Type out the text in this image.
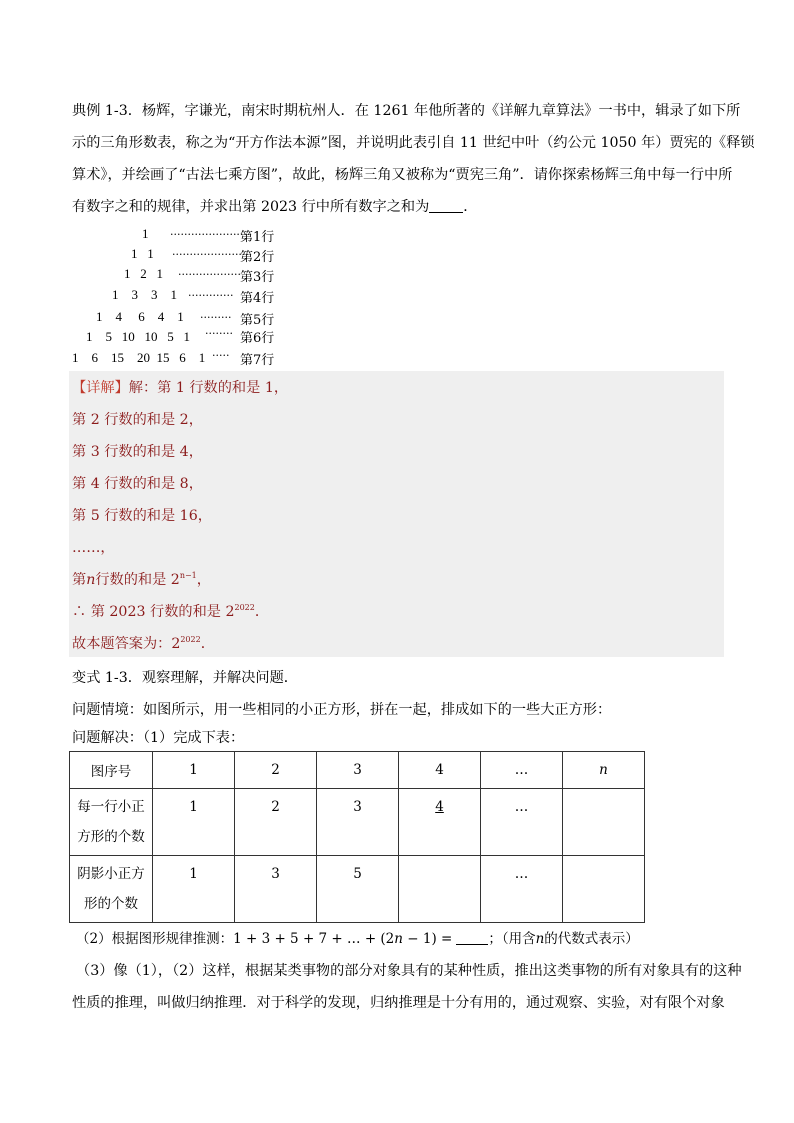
典例 1-3．杨辉，字谦光，南宋时期杭州人．在 1261 年他所著的《详解九章算法》一书中，辑录了如下所
示的三角形数表，称之为“开方作法本源”图，并说明此表引自 11 世纪中叶（约公元 1050 年）贾宪的《释锁
算术》，并绘画了“古法七乘方图”，故此，杨辉三角又被称为“贾宪三角”．请你探索杨辉三角中每一行中所
有数字之和的规律，并求出第 2023 行中所有数字之和为 ．
1 ·······················
第1行
1   1 ······················
第2行
1   2   1 ·················· 第3行
1    3    3    1 ············· 第4行
1    4     6    4    1 ········· 第5行
1    5   10   10   5   1 ········ 第6行
1    6    15    20  15   6    1 ····· 第7行
【详解】解：第 1 行数的和是 1，
第 2 行数的和是 2，
第 3 行数的和是 4，
第 4 行数的和是 8，
第 5 行数的和是 16，
……，
第n行数的和是 $2^{n-1}$，
∴ 第 2023 行数的和是 $2^{2022}$．
故本题答案为：$2^{2022}$．
变式 1-3．观察理解，并解决问题．
问题情境：如图所示，用一些相同的小正方形，拼在一起，排成如下的一些大正方形：
问题解决：（1）完成下表：
图序号	1	2	3	4	…	n
每一行小正
方形的个数	1	2	3	4	…	
阴影小正方
形的个数	1	3	5		…	
（2）根据图形规律推测：1 + 3 + 5 + 7 + … + (2n − 1) =	；（用含n的代数式表示）
（3）像（1），（2）这样，根据某类事物的部分对象具有的某种性质，推出这类事物的所有对象具有的这种
性质的推理，叫做归纳推理．对于科学的发现，归纳推理是十分有用的，通过观察、实验，对有限个对象
